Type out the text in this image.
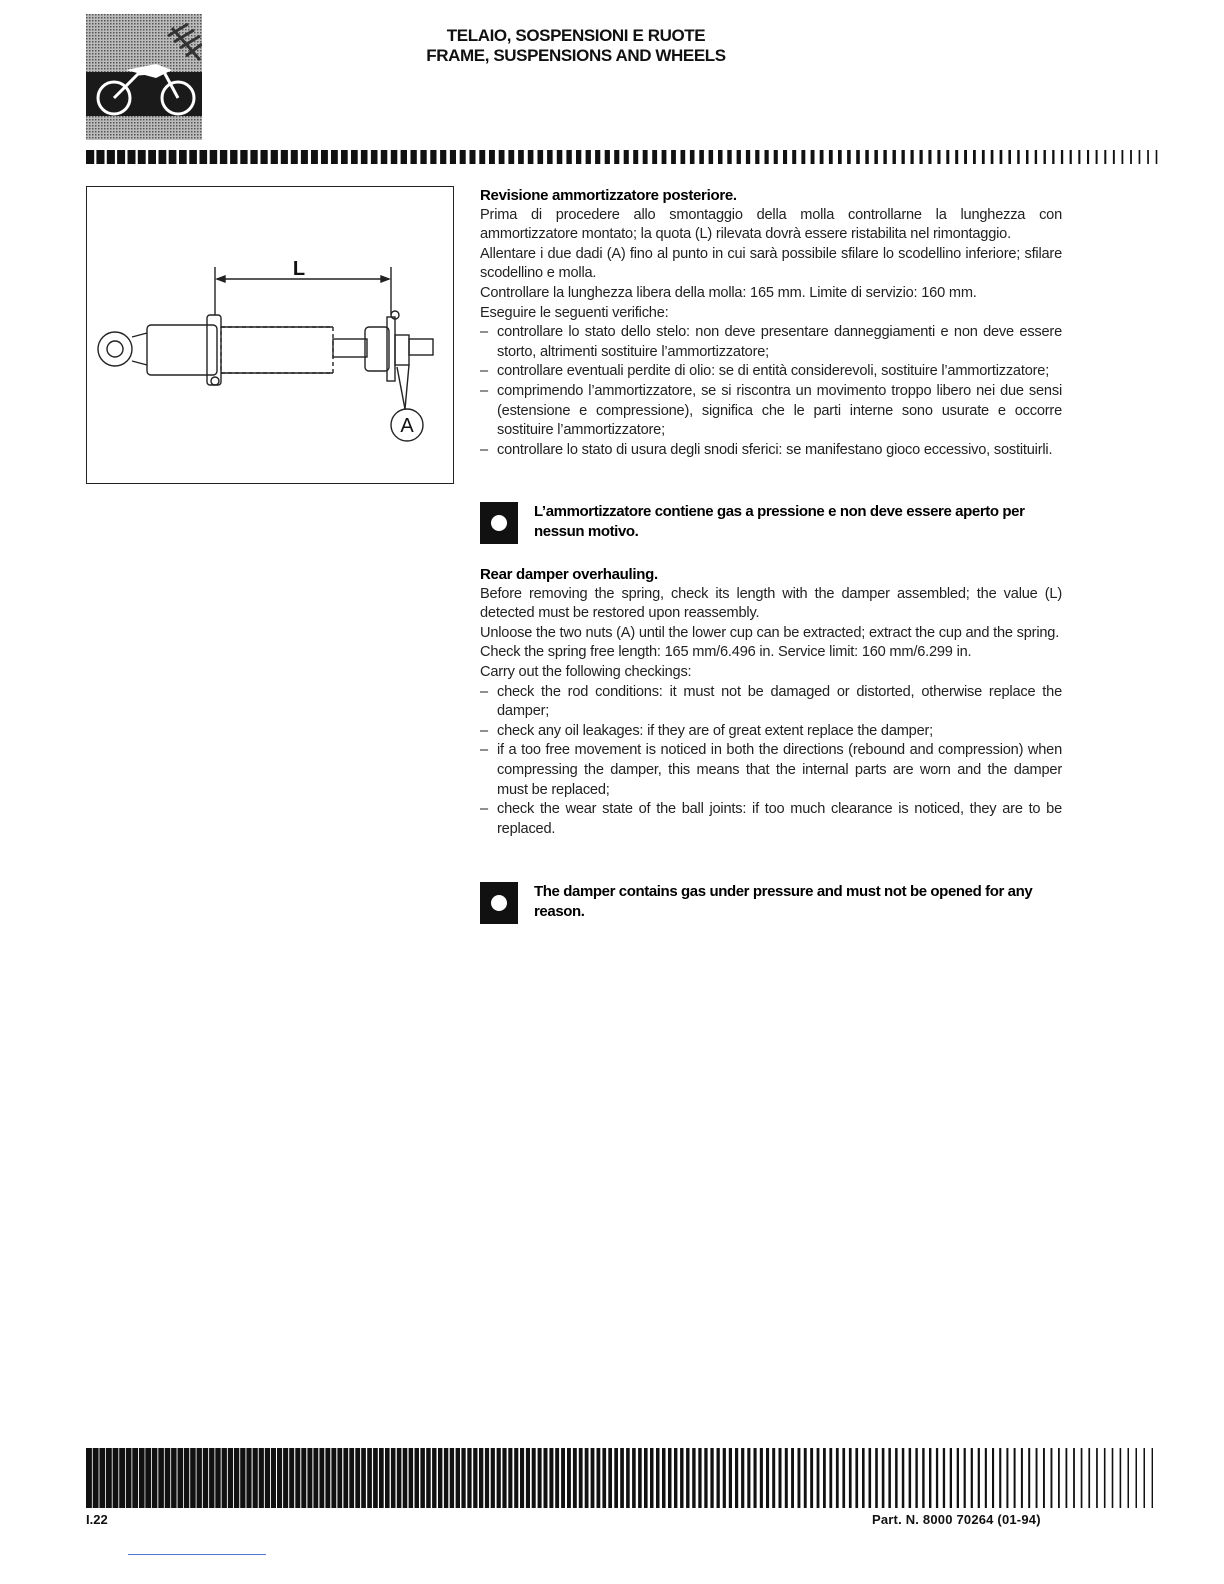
TELAIO, SOSPENSIONI E RUOTE
FRAME, SUSPENSIONS AND WHEELS
L
A

Revisione ammortizzatore posteriore.

Prima di procedere allo smontaggio della molla controllarne la lunghezza con ammortizzatore montato; la quota (L) rilevata dovrà essere ristabilita nel rimontaggio.

Allentare i due dadi (A) fino al punto in cui sarà possibile sfilare lo scodellino inferiore; sfilare scodellino e molla.

Controllare la lunghezza libera della molla: 165 mm. Limite di servizio: 160 mm.

Eseguire le seguenti verifiche:

– controllare lo stato dello stelo: non deve presentare danneggiamenti e non deve essere storto, altrimenti sostituire l’ammortizzatore;
– controllare eventuali perdite di olio: se di entità considerevoli, sostituire l’ammortizzatore;
– comprimendo l’ammortizzatore, se si riscontra un movimento troppo libero nei due sensi (estensione e compressione), significa che le parti interne sono usurate e occorre sostituire l’ammortizzatore;
– controllare lo stato di usura degli snodi sferici: se manifestano gioco eccessivo, sostituirli.
L’ammortizzatore contiene gas a pressione e non deve essere aperto per nessun motivo.

Rear damper overhauling.

Before removing the spring, check its length with the damper assembled; the value (L) detected must be restored upon reassembly.

Unloose the two nuts (A) until the lower cup can be extracted; extract the cup and the spring.

Check the spring free length: 165 mm/6.496 in. Service limit: 160 mm/6.299 in.

Carry out the following checkings:

– check the rod conditions: it must not be damaged or distorted, otherwise replace the damper;
– check any oil leakages: if they are of great extent replace the damper;
– if a too free movement is noticed in both the directions (rebound and compression) when compressing the damper, this means that the internal parts are worn and the damper must be replaced;
– check the wear state of the ball joints: if too much clearance is noticed, they are to be replaced.
The damper contains gas under pressure and must not be opened for any reason.
I.22	Part. N. 8000 70264 (01-94)
